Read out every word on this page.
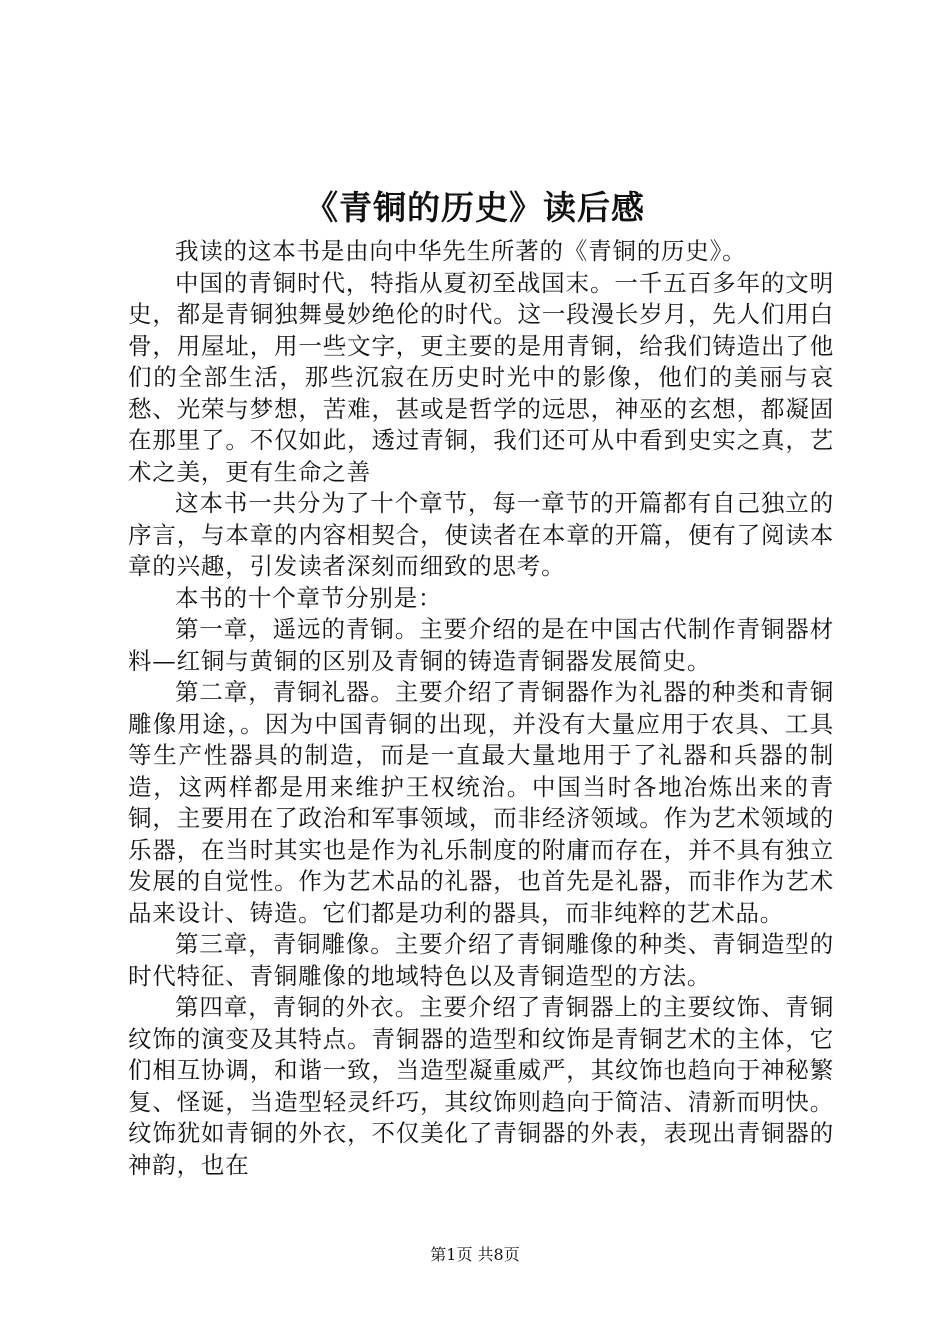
《青铜的历史》读后感

我读的这本书是由向中华先生所著的《青铜的历史》。

中国的青铜时代，特指从夏初至战国末。一千五百多年的文明史，都是青铜独舞曼妙绝伦的时代。这一段漫长岁月，先人们用白骨，用屋址，用一些文字，更主要的是用青铜，给我们铸造出了他们的全部生活，那些沉寂在历史时光中的影像，他们的美丽与哀愁、光荣与梦想，苦难，甚或是哲学的远思，神巫的玄想，都凝固在那里了。不仅如此，透过青铜，我们还可从中看到史实之真，艺术之美，更有生命之善

这本书一共分为了十个章节，每一章节的开篇都有自己独立的序言，与本章的内容相契合，使读者在本章的开篇，便有了阅读本章的兴趣，引发读者深刻而细致的思考。

本书的十个章节分别是：

第一章，遥远的青铜。主要介绍的是在中国古代制作青铜器材料—红铜与黄铜的区别及青铜的铸造青铜器发展简史。

第二章，青铜礼器。主要介绍了青铜器作为礼器的种类和青铜雕像用途，。因为中国青铜的出现，并没有大量应用于农具、工具等生产性器具的制造，而是一直最大量地用于了礼器和兵器的制造，这两样都是用来维护王权统治。中国当时各地冶炼出来的青铜，主要用在了政治和军事领域，而非经济领域。作为艺术领域的乐器，在当时其实也是作为礼乐制度的附庸而存在，并不具有独立发展的自觉性。作为艺术品的礼器，也首先是礼器，而非作为艺术品来设计、铸造。它们都是功利的器具，而非纯粹的艺术品。

第三章，青铜雕像。主要介绍了青铜雕像的种类、青铜造型的时代特征、青铜雕像的地域特色以及青铜造型的方法。

第四章，青铜的外衣。主要介绍了青铜器上的主要纹饰、青铜纹饰的演变及其特点。青铜器的造型和纹饰是青铜艺术的主体，它们相互协调，和谐一致，当造型凝重威严，其纹饰也趋向于神秘繁复、怪诞，当造型轻灵纤巧，其纹饰则趋向于简洁、清新而明快。纹饰犹如青铜的外衣，不仅美化了青铜器的外表，表现出青铜器的神韵，也在

第1页 共8页
